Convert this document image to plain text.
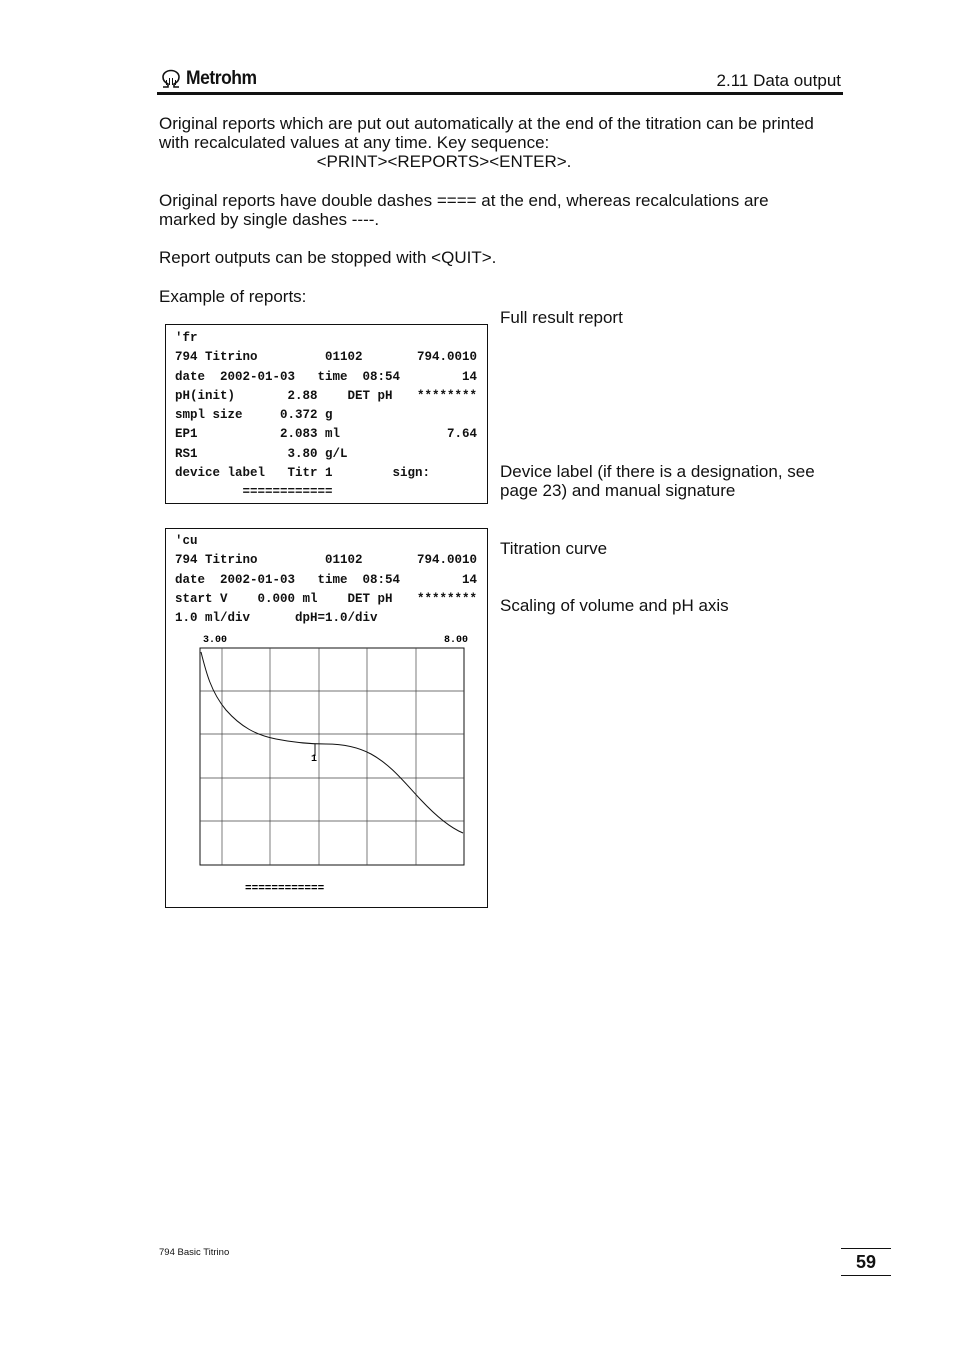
Metrohm	2.11 Data output
Original reports which are put out automatically at the end of the titration can be printed
with recalculated values at any time. Key sequence:
<PRINT><REPORTS><ENTER>.
Original reports have double dashes ==== at the end, whereas recalculations are
marked by single dashes ----.
Report outputs can be stopped with <QUIT>.
Example of reports:
'fr
794 Titrino         01102	794.0010
date  2002-01-03   time  08:54	14
pH(init)       2.88    DET pH ********
smpl size     0.372 g
EP1           2.083 ml	7.64
RS1            3.80 g/L
device label   Titr 1        sign:
============
'cu
794 Titrino         01102	794.0010
date  2002-01-03   time  08:54	14
start V    0.000 ml    DET pH ********
1.0 ml/div      dpH=1.0/div
3.00	8.00
1
============
Full result report
Device label (if there is a designation, see
page 23) and manual signature
Titration curve
Scaling of volume and pH axis
794 Basic Titrino	59
